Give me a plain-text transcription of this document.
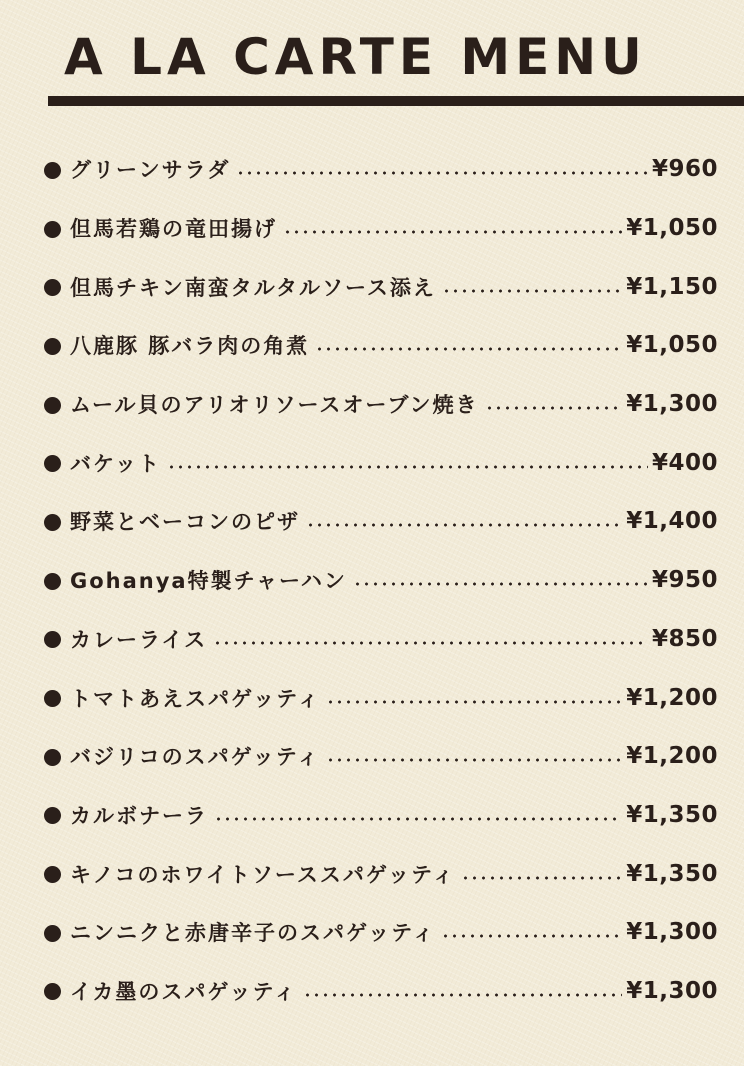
A LA CARTE MENU
グリーンサラダ	¥960
但馬若鶏の竜田揚げ	¥1,050
但馬チキン南蛮タルタルソース添え	¥1,150
八鹿豚 豚バラ肉の角煮	¥1,050
ムール貝のアリオリソースオーブン焼き	¥1,300
バケット	¥400
野菜とベーコンのピザ	¥1,400
Gohanya特製チャーハン	¥950
カレーライス	¥850
トマトあえスパゲッティ	¥1,200
バジリコのスパゲッティ	¥1,200
カルボナーラ	¥1,350
キノコのホワイトソーススパゲッティ	¥1,350
ニンニクと赤唐辛子のスパゲッティ	¥1,300
イカ墨のスパゲッティ	¥1,300
